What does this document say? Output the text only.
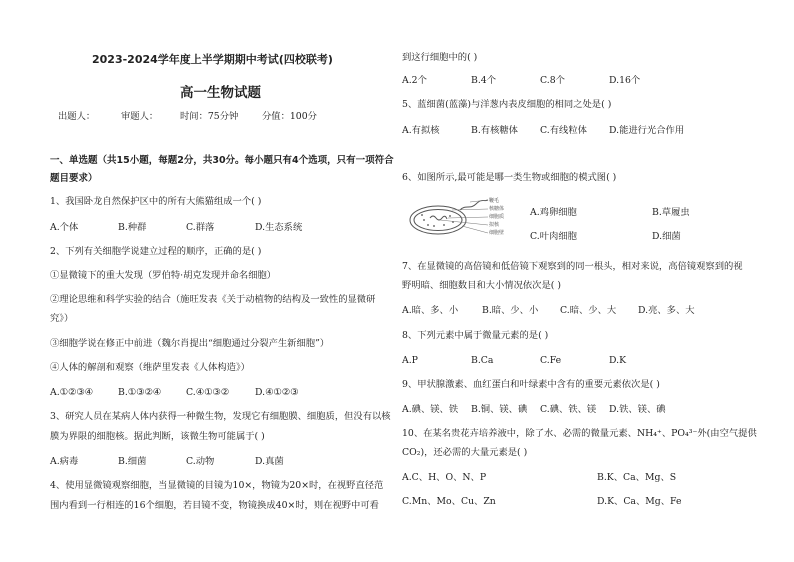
2023-2024学年度上半学期期中考试(四校联考)
高一生物试题
出题人：	审题人： 时间：75分钟	分值：100分
一、单选题（共15小题，每题2分，共30分。每小题只有4个选项，只有一项符合
题目要求）
1、我国卧龙自然保护区中的所有大熊猫组成一个( )
A.个体	B.种群	C.群落	D.生态系统
2、下列有关细胞学说建立过程的顺序，正确的是( )
①显微镜下的重大发现（罗伯特·胡克发现并命名细胞）
②理论思维和科学实验的结合（施旺发表《关于动植物的结构及一致性的显微研
究》）
③细胞学说在修正中前进（魏尔肖提出“细胞通过分裂产生新细胞”）
④人体的解剖和观察（维萨里发表《人体构造》）
A.①②③④	B.①③②④	C.④①③②	D.④①②③
3、研究人员在某病人体内获得一种微生物，发现它有细胞膜、细胞质，但没有以核
膜为界限的细胞核。据此判断，该微生物可能属于( )
A.病毒	B.细菌	C.动物	D.真菌
4、使用显微镜观察细胞，当显微镜的目镜为10×，物镜为20×时，在视野直径范
围内看到一行相连的16个细胞，若目镜不变，物镜换成40×时，则在视野中可看
到这行细胞中的( )
A.2个	B.4个	C.8个	D.16个
5、蓝细菌(蓝藻)与洋葱内表皮细胞的相同之处是( )
A.有拟核	B.有核糖体 C.有线粒体 D.能进行光合作用
6、如图所示,最可能是哪一类生物或细胞的模式图( )
鞭毛
核糖体
细胞质
拟核
细胞壁
A.鸡卵细胞	B.草履虫
C.叶肉细胞	D.细菌
7、在显微镜的高倍镜和低倍镜下观察到的同一根头，相对来说，高倍镜观察到的视
野明暗、细胞数目和大小情况依次是( )
A.暗、多、小	B.暗、少、小 C.暗、少、大 D.亮、多、大
8、下列元素中属于微量元素的是( )
A.P	B.Ca	C.Fe	D.K
9、甲状腺激素、血红蛋白和叶绿素中含有的重要元素依次是( )
A.碘、镁、铁 B.铜、镁、碘 C.碘、铁、镁 D.铁、镁、碘
10、在某名贵花卉培养液中，除了水、必需的微量元素、NH₄⁺、PO₄³⁻外(由空气提供
CO₂)，还必需的大量元素是( )
A.C、H、O、N、P	B.K、Ca、Mg、S
C.Mn、Mo、Cu、Zn	D.K、Ca、Mg、Fe
